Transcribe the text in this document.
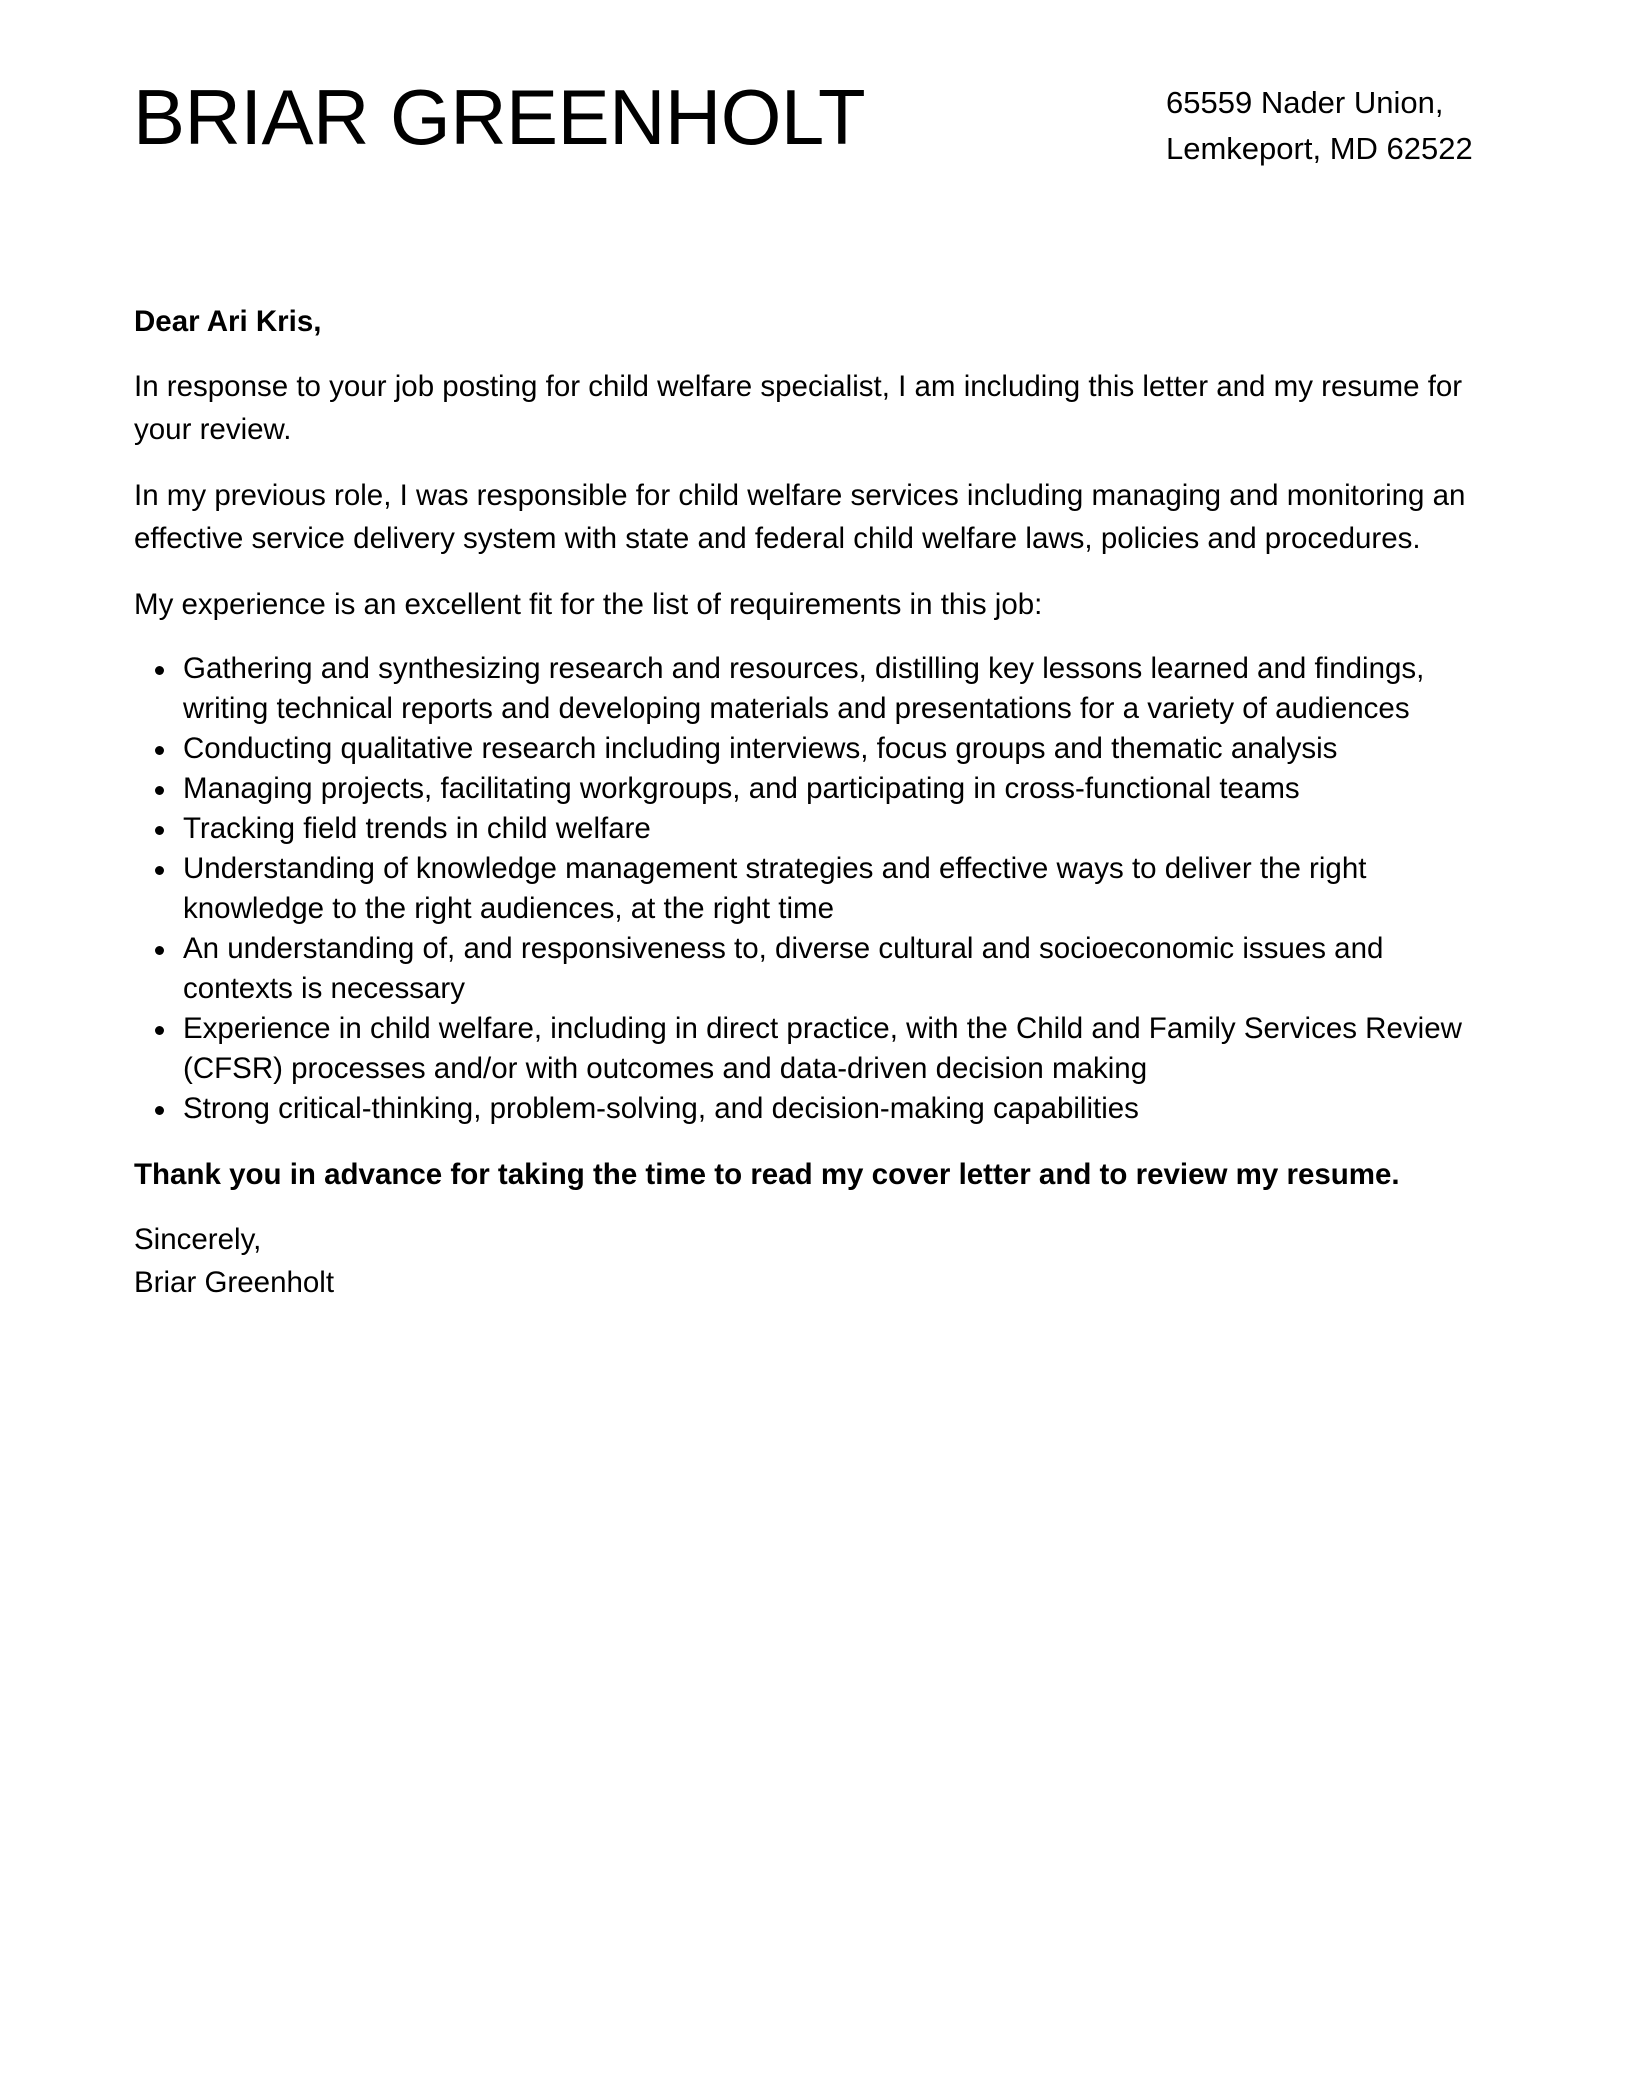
BRIAR GREENHOLT	65559 Nader Union,
Lemkeport, MD 62522

Dear Ari Kris,

In response to your job posting for child welfare specialist, I am including this letter and my resume for your review.

In my previous role, I was responsible for child welfare services including managing and monitoring an effective service delivery system with state and federal child welfare laws, policies and procedures.

My experience is an excellent fit for the list of requirements in this job:

Gathering and synthesizing research and resources, distilling key lessons learned and findings, writing technical reports and developing materials and presentations for a variety of audiences
Conducting qualitative research including interviews, focus groups and thematic analysis
Managing projects, facilitating workgroups, and participating in cross-functional teams
Tracking field trends in child welfare
Understanding of knowledge management strategies and effective ways to deliver the right knowledge to the right audiences, at the right time
An understanding of, and responsiveness to, diverse cultural and socioeconomic issues and contexts is necessary
Experience in child welfare, including in direct practice, with the Child and Family Services Review (CFSR) processes and/or with outcomes and data-driven decision making
Strong critical-thinking, problem-solving, and decision-making capabilities

Thank you in advance for taking the time to read my cover letter and to review my resume.

Sincerely,

Briar Greenholt
